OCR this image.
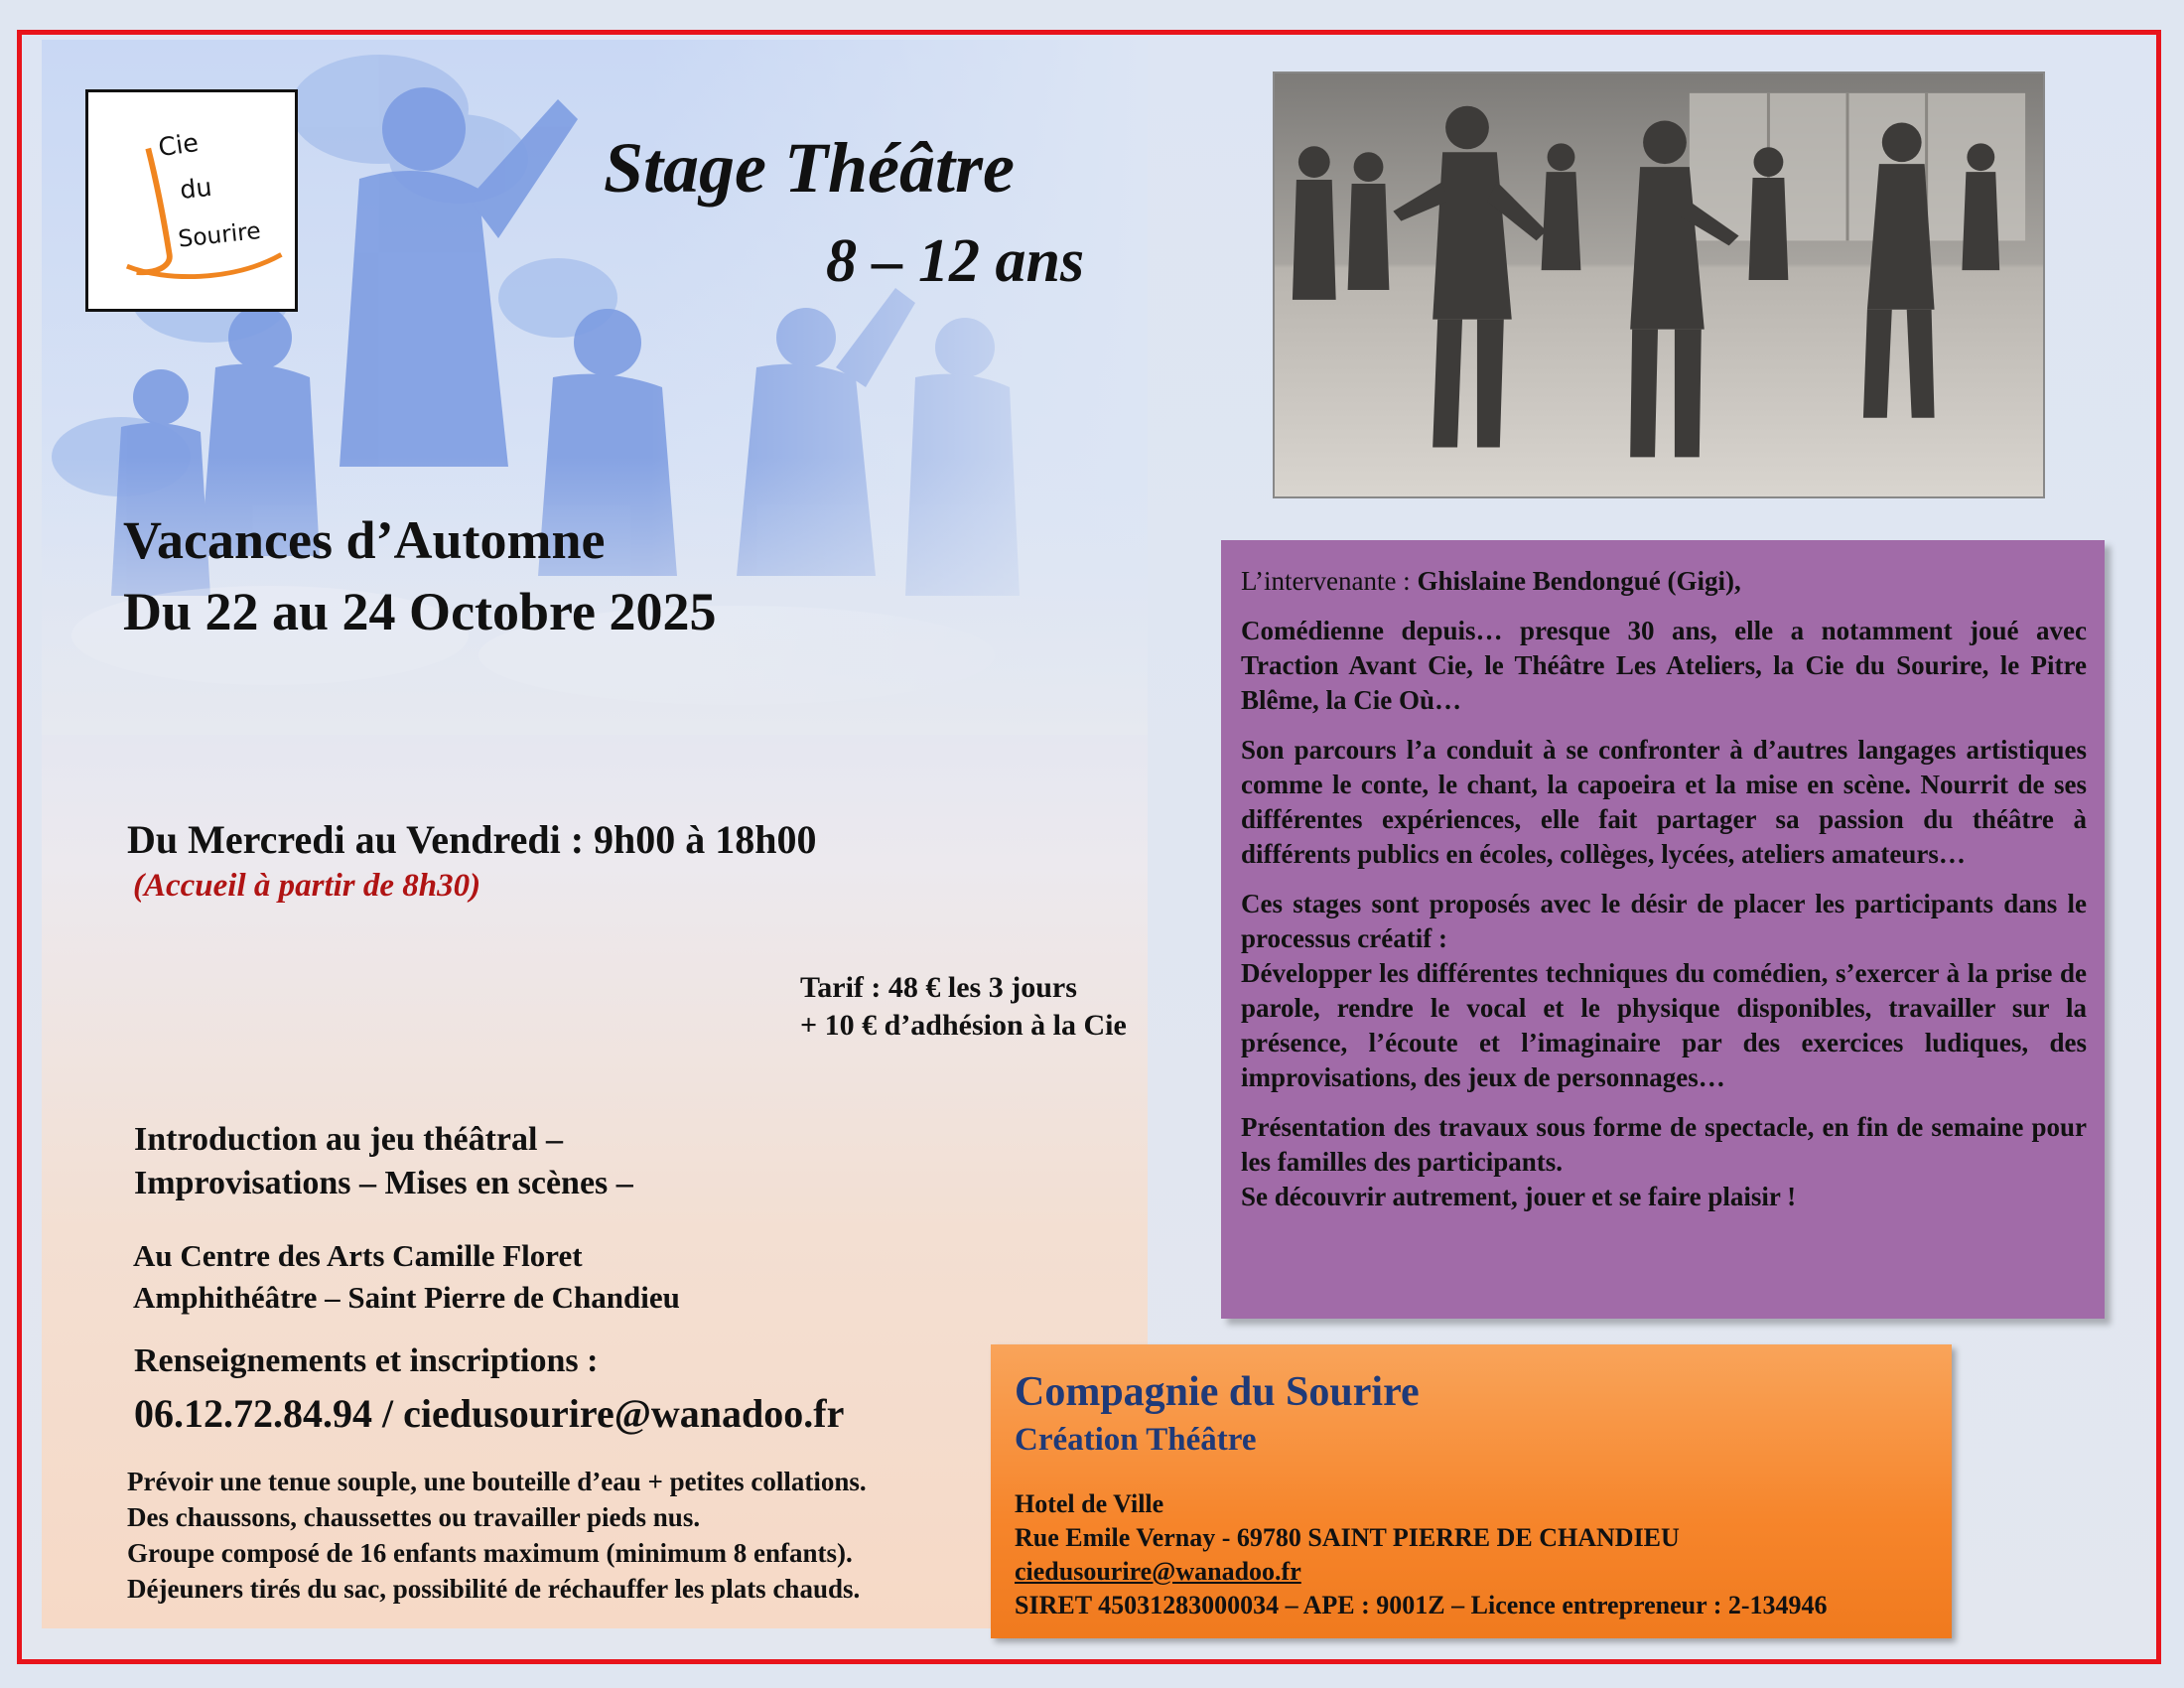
Cie
du
Sourire
Stage Théâtre
8 – 12 ans
Vacances d’Automne
Du 22 au 24 Octobre 2025
Du Mercredi au Vendredi : 9h00 à 18h00
(Accueil à partir de 8h30)
Tarif : 48 € les 3 jours
+ 10 € d’adhésion à la Cie
Introduction au jeu théâtral –
Improvisations – Mises en scènes –
Au Centre des Arts Camille Floret
Amphithéâtre – Saint Pierre de Chandieu
Renseignements et inscriptions :
06.12.72.84.94 / ciedusourire@wanadoo.fr
Prévoir une tenue souple, une bouteille d’eau + petites collations.
Des chaussons, chaussettes ou travailler pieds nus.
Groupe composé de 16 enfants maximum (minimum 8 enfants).
Déjeuners tirés du sac, possibilité de réchauffer les plats chauds.

L’intervenante : Ghislaine Bendongué (Gigi),

Comédienne depuis… presque 30 ans, elle a notamment joué avec Traction Avant Cie, le Théâtre Les Ateliers, la Cie du Sourire, le Pitre Blême, la Cie Où…

Son parcours l’a conduit à se confronter à d’autres langages artistiques comme le conte, le chant, la capoeira et la mise en scène. Nourrit de ses différentes expériences, elle fait partager sa passion du théâtre à différents publics en écoles, collèges, lycées, ateliers amateurs…

Ces stages sont proposés avec le désir de placer les participants dans le processus créatif :
Développer les différentes techniques du comédien, s’exercer à la prise de parole, rendre le vocal et le physique disponibles, travailler sur la présence, l’écoute et l’imaginaire par des exercices ludiques, des improvisations, des jeux de personnages…

Présentation des travaux sous forme de spectacle, en fin de semaine pour les familles des participants.
Se découvrir autrement, jouer et se faire plaisir !

Compagnie du Sourire
Création Théâtre
Hotel de Ville
Rue Emile Vernay - 69780 SAINT PIERRE DE CHANDIEU
ciedusourire@wanadoo.fr
SIRET 45031283000034 – APE : 9001Z – Licence entrepreneur : 2-134946
